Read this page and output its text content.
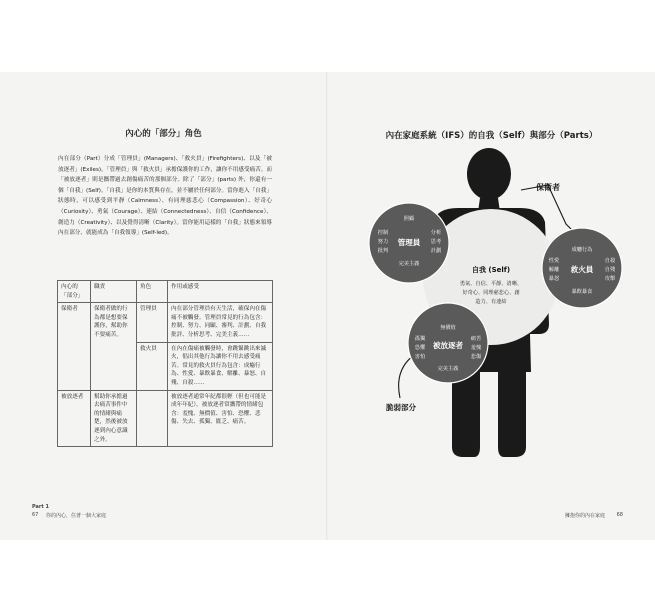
內心的「部分」角色

內在部分（Part）分成「管理員」(Managers)、「救火員」(Firefighters)、以及「被放逐者」(Exiles)。「管理員」與「救火員」承擔保護你的工作，讓你不用感受痛苦。而「被放逐者」則是攜帶過去創傷痛苦的那個部分。除了「部分」(parts) 外，你還有一個「自我」(Self)。「自我」是你的本質與存在，並不屬於任何部分。當你進入「自我」狀態時，可以感受到平靜（Calmness）、有同理慈悲心（Compassion）、好奇心（Curiosity）、勇氣（Courage）、連結（Connectedness）、自信（Confidence）、創造力（Creativity）、以及覺得清晰（Clarity）。當你能用這樣的「自我」狀態來領導內在部分，就能成為「自我領導」(Self-led)。

內心的「部分」	職責	角色	作用或感受
保衛者	保衛者做的行為都是想要保護你，幫助你不要痛苦。	管理員	內在部分管理員有天生活，確保內在傷痛不被觸發。管理員常見的行為包含：控制、努力、同顧、審判、計劃、自我批評、分析思考、完美主義……
		救火員	在內在傷痛被觸發時，會跳緊跳出來滅火，倡出其他行為讓你不用去感受痛苦。常見的救火員行為包含：成癮行為、性愛、暴飲暴食、解離、暴怒、自殘、自殺……
被放逐者	幫助你承擔過去痛苦事件中的情緒與痛楚，然後被放逐到內心意識之外。		被放逐者通常年紀都很輕（但也可能是成年年紀），被放逐者常攜帶的情緒包含：羞愧、無價值、害怕、恐懼、悲傷、失去、孤獨、匱乏、痛苦。
Part 1
67 你的內心，住著一個大家庭
內在家庭系統（IFS）的自我（Self）與部分（Parts）
保衛者
脆弱部分
自我 (Self)
勇氣、自信、平靜、清晰、
好奇心、同理慈悲心、創
造力、有連結
照顧
控制
努力
批判
管理員
分析
思考
計劃
完美主義
成癮行為
性愛
解離
暴怒
救火員
自殺
自殘
攻擊
暴飲暴食
無價值
孤獨
恐懼
害怕
被放逐者
痛苦
羞愧
悲傷
完美主義
擁抱你的內在家庭 68
